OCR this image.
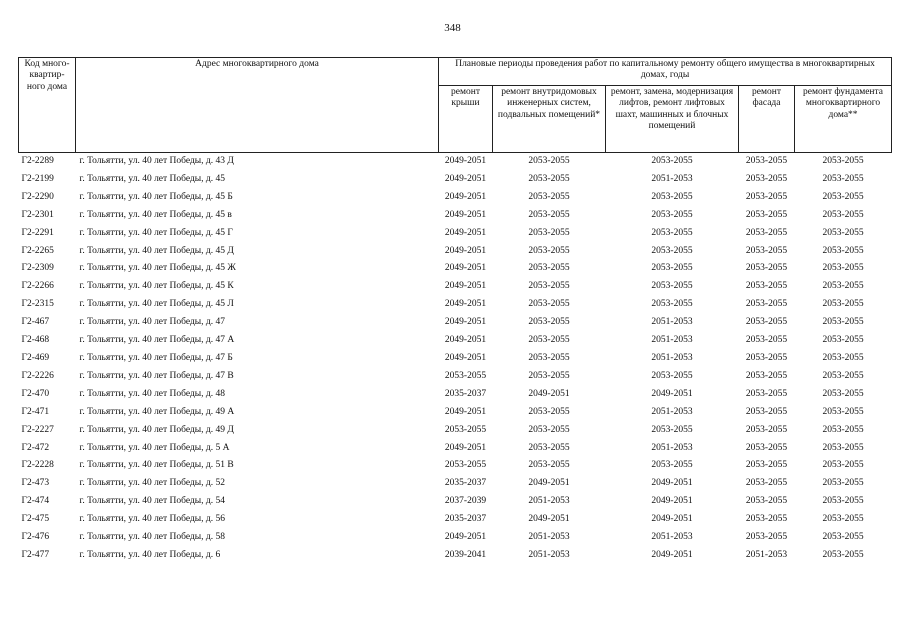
348
Код много-квартир-ного дома	Адрес многоквартирного дома	Плановые периоды проведения работ по капитальному ремонту общего имущества в многоквартирных домах, годы				
		ремонт крыши	ремонт внутридомовых инженерных систем, подвальных помещений*	ремонт, замена, модернизация лифтов, ремонт лифтовых шахт, машинных и блочных помещений	ремонт фасада	ремонт фундамента многоквартирного дома**
Г2-2289	г. Тольятти, ул. 40 лет Победы, д. 43 Д	2049-2051	2053-2055	2053-2055	2053-2055	2053-2055
Г2-2199	г. Тольятти, ул. 40 лет Победы, д. 45	2049-2051	2053-2055	2051-2053	2053-2055	2053-2055
Г2-2290	г. Тольятти, ул. 40 лет Победы, д. 45 Б	2049-2051	2053-2055	2053-2055	2053-2055	2053-2055
Г2-2301	г. Тольятти, ул. 40 лет Победы, д. 45 в	2049-2051	2053-2055	2053-2055	2053-2055	2053-2055
Г2-2291	г. Тольятти, ул. 40 лет Победы, д. 45 Г	2049-2051	2053-2055	2053-2055	2053-2055	2053-2055
Г2-2265	г. Тольятти, ул. 40 лет Победы, д. 45 Д	2049-2051	2053-2055	2053-2055	2053-2055	2053-2055
Г2-2309	г. Тольятти, ул. 40 лет Победы, д. 45 Ж	2049-2051	2053-2055	2053-2055	2053-2055	2053-2055
Г2-2266	г. Тольятти, ул. 40 лет Победы, д. 45 К	2049-2051	2053-2055	2053-2055	2053-2055	2053-2055
Г2-2315	г. Тольятти, ул. 40 лет Победы, д. 45 Л	2049-2051	2053-2055	2053-2055	2053-2055	2053-2055
Г2-467	г. Тольятти, ул. 40 лет Победы, д. 47	2049-2051	2053-2055	2051-2053	2053-2055	2053-2055
Г2-468	г. Тольятти, ул. 40 лет Победы, д. 47 А	2049-2051	2053-2055	2051-2053	2053-2055	2053-2055
Г2-469	г. Тольятти, ул. 40 лет Победы, д. 47 Б	2049-2051	2053-2055	2051-2053	2053-2055	2053-2055
Г2-2226	г. Тольятти, ул. 40 лет Победы, д. 47 В	2053-2055	2053-2055	2053-2055	2053-2055	2053-2055
Г2-470	г. Тольятти, ул. 40 лет Победы, д. 48	2035-2037	2049-2051	2049-2051	2053-2055	2053-2055
Г2-471	г. Тольятти, ул. 40 лет Победы, д. 49 А	2049-2051	2053-2055	2051-2053	2053-2055	2053-2055
Г2-2227	г. Тольятти, ул. 40 лет Победы, д. 49 Д	2053-2055	2053-2055	2053-2055	2053-2055	2053-2055
Г2-472	г. Тольятти, ул. 40 лет Победы, д. 5 А	2049-2051	2053-2055	2051-2053	2053-2055	2053-2055
Г2-2228	г. Тольятти, ул. 40 лет Победы, д. 51 В	2053-2055	2053-2055	2053-2055	2053-2055	2053-2055
Г2-473	г. Тольятти, ул. 40 лет Победы, д. 52	2035-2037	2049-2051	2049-2051	2053-2055	2053-2055
Г2-474	г. Тольятти, ул. 40 лет Победы, д. 54	2037-2039	2051-2053	2049-2051	2053-2055	2053-2055
Г2-475	г. Тольятти, ул. 40 лет Победы, д. 56	2035-2037	2049-2051	2049-2051	2053-2055	2053-2055
Г2-476	г. Тольятти, ул. 40 лет Победы, д. 58	2049-2051	2051-2053	2051-2053	2053-2055	2053-2055
Г2-477	г. Тольятти, ул. 40 лет Победы, д. 6	2039-2041	2051-2053	2049-2051	2051-2053	2053-2055
